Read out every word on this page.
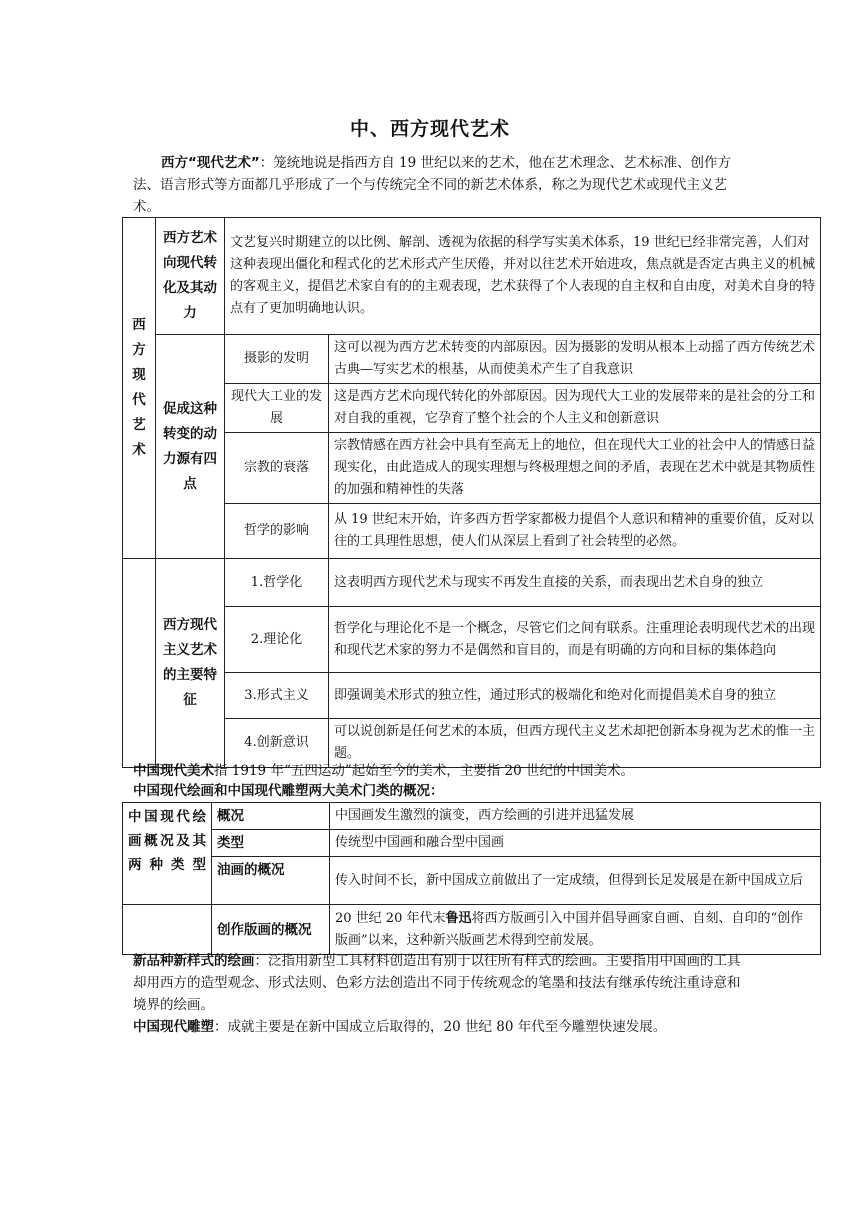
中、西方现代艺术

西方“现代艺术”：笼统地说是指西方自 19 世纪以来的艺术，他在艺术理念、艺术标准、创作方法、语言形式等方面都几乎形成了一个与传统完全不同的新艺术体系，称之为现代艺术或现代主义艺术。

西方现代艺术	西方艺术向现代转化及其动力	文艺复兴时期建立的以比例、解剖、透视为依据的科学写实美术体系，19 世纪已经非常完善，人们对这种表现出僵化和程式化的艺术形式产生厌倦，并对以往艺术开始进攻，焦点就是否定古典主义的机械的客观主义，提倡艺术家自有的的主观表现，艺术获得了个人表现的自主权和自由度，对美术自身的特点有了更加明确地认识。	
	促成这种转变的动力源有四点	摄影的发明	这可以视为西方艺术转变的内部原因。因为摄影的发明从根本上动摇了西方传统艺术古典—写实艺术的根基，从而使美术产生了自我意识
		现代大工业的发展	这是西方艺术向现代转化的外部原因。因为现代大工业的发展带来的是社会的分工和对自我的重视，它孕育了整个社会的个人主义和创新意识
		宗教的衰落	宗教情感在西方社会中具有至高无上的地位，但在现代大工业的社会中人的情感日益现实化，由此造成人的现实理想与终极理想之间的矛盾，表现在艺术中就是其物质性的加强和精神性的失落
		哲学的影响	从 19 世纪末开始，许多西方哲学家都极力提倡个人意识和精神的重要价值，反对以往的工具理性思想，使人们从深层上看到了社会转型的必然。
	西方现代主义艺术的主要特征	1.哲学化	这表明西方现代艺术与现实不再发生直接的关系，而表现出艺术自身的独立
		2.理论化	哲学化与理论化不是一个概念，尽管它们之间有联系。注重理论表明现代艺术的出现和现代艺术家的努力不是偶然和盲目的，而是有明确的方向和目标的集体趋向
		3.形式主义	即强调美术形式的独立性，通过形式的极端化和绝对化而提倡美术自身的独立
		4.创新意识	可以说创新是任何艺术的本质，但西方现代主义艺术却把创新本身视为艺术的惟一主题。

中国现代美术指 1919 年“五四运动”起始至今的美术，主要指 20 世纪的中国美术。

中国现代绘画和中国现代雕塑两大美术门类的概况：

中国现代绘画概况及其两种类型	概况	中国画发生激烈的演变，西方绘画的引进并迅猛发展
	类型	传统型中国画和融合型中国画
	油画的概况	传入时间不长，新中国成立前做出了一定成绩，但得到长足发展是在新中国成立后
	创作版画的概况	20 世纪 20 年代末鲁迅将西方版画引入中国并倡导画家自画、自刻、自印的“创作版画”以来，这种新兴版画艺术得到空前发展。

新品种新样式的绘画：泛指用新型工具材料创造出有别于以往所有样式的绘画。主要指用中国画的工具却用西方的造型观念、形式法则、色彩方法创造出不同于传统观念的笔墨和技法有继承传统注重诗意和境界的绘画。

中国现代雕塑：成就主要是在新中国成立后取得的，20 世纪 80 年代至今雕塑快速发展。
